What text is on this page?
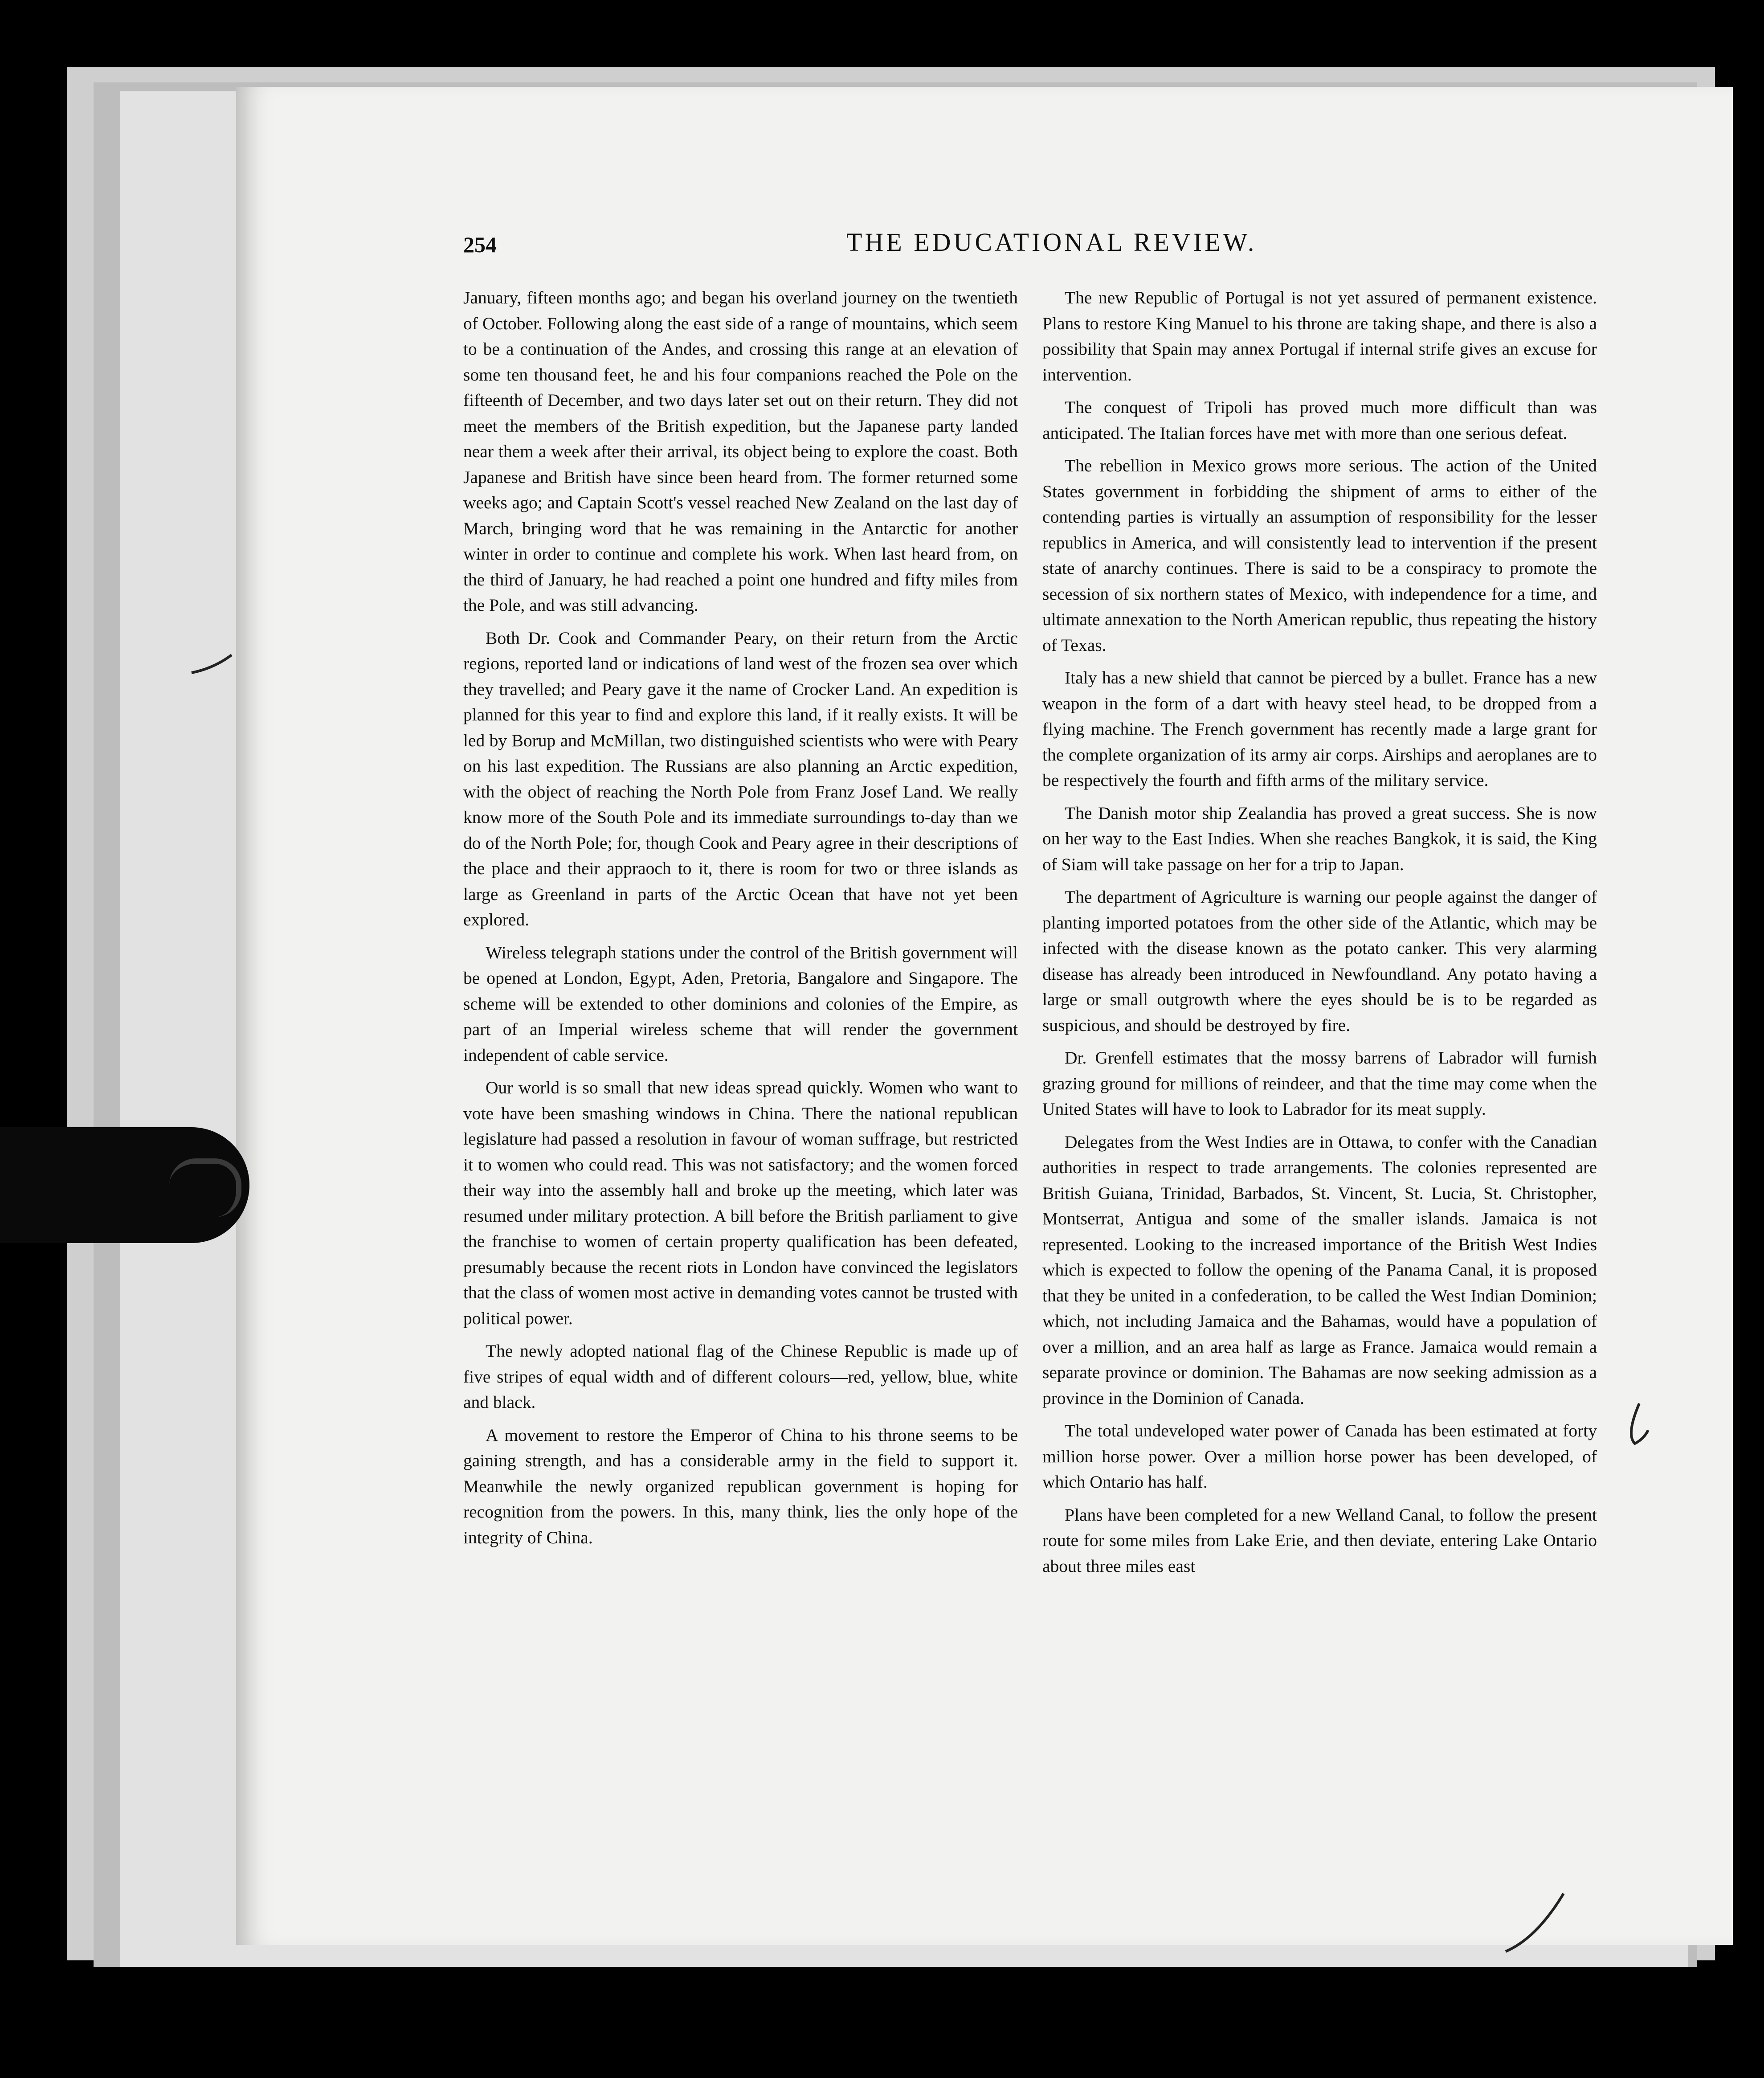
254	THE EDUCATIONAL REVIEW.

January, fifteen months ago; and began his overland journey on the twentieth of October. Following along the east side of a range of mountains, which seem to be a continuation of the Andes, and crossing this range at an elevation of some ten thousand feet, he and his four companions reached the Pole on the fifteenth of December, and two days later set out on their return. They did not meet the members of the British expedition, but the Japanese party landed near them a week after their arrival, its object being to explore the coast. Both Japanese and British have since been heard from. The former returned some weeks ago; and Captain Scott's vessel reached New Zealand on the last day of March, bringing word that he was remaining in the Antarctic for another winter in order to continue and complete his work. When last heard from, on the third of January, he had reached a point one hundred and fifty miles from the Pole, and was still advancing.

Both Dr. Cook and Commander Peary, on their return from the Arctic regions, reported land or indications of land west of the frozen sea over which they travelled; and Peary gave it the name of Crocker Land. An expedition is planned for this year to find and explore this land, if it really exists. It will be led by Borup and McMillan, two distinguished scientists who were with Peary on his last expedition. The Russians are also planning an Arctic expedition, with the object of reaching the North Pole from Franz Josef Land. We really know more of the South Pole and its immediate surroundings to-day than we do of the North Pole; for, though Cook and Peary agree in their descriptions of the place and their appraoch to it, there is room for two or three islands as large as Greenland in parts of the Arctic Ocean that have not yet been explored.

Wireless telegraph stations under the control of the British government will be opened at London, Egypt, Aden, Pretoria, Bangalore and Singapore. The scheme will be extended to other dominions and colonies of the Empire, as part of an Imperial wireless scheme that will render the government independent of cable service.

Our world is so small that new ideas spread quickly. Women who want to vote have been smashing windows in China. There the national republican legislature had passed a resolution in favour of woman suffrage, but restricted it to women who could read. This was not satisfactory; and the women forced their way into the assembly hall and broke up the meeting, which later was resumed under military protection. A bill before the British parliament to give the franchise to women of certain property qualification has been defeated, presumably because the recent riots in London have convinced the legislators that the class of women most active in demanding votes cannot be trusted with political power.

The newly adopted national flag of the Chinese Republic is made up of five stripes of equal width and of different colours—red, yellow, blue, white and black.

A movement to restore the Emperor of China to his throne seems to be gaining strength, and has a considerable army in the field to support it. Meanwhile the newly organized republican government is hoping for recognition from the powers. In this, many think, lies the only hope of the integrity of China.

The new Republic of Portugal is not yet assured of permanent existence. Plans to restore King Manuel to his throne are taking shape, and there is also a possibility that Spain may annex Portugal if internal strife gives an excuse for intervention.

The conquest of Tripoli has proved much more difficult than was anticipated. The Italian forces have met with more than one serious defeat.

The rebellion in Mexico grows more serious. The action of the United States government in forbidding the shipment of arms to either of the contending parties is virtually an assumption of responsibility for the lesser republics in America, and will consistently lead to intervention if the present state of anarchy continues. There is said to be a conspiracy to promote the secession of six northern states of Mexico, with independence for a time, and ultimate annexation to the North American republic, thus repeating the history of Texas.

Italy has a new shield that cannot be pierced by a bullet. France has a new weapon in the form of a dart with heavy steel head, to be dropped from a flying machine. The French government has recently made a large grant for the complete organization of its army air corps. Airships and aeroplanes are to be respectively the fourth and fifth arms of the military service.

The Danish motor ship Zealandia has proved a great success. She is now on her way to the East Indies. When she reaches Bangkok, it is said, the King of Siam will take passage on her for a trip to Japan.

The department of Agriculture is warning our people against the danger of planting imported potatoes from the other side of the Atlantic, which may be infected with the disease known as the potato canker. This very alarming disease has already been introduced in Newfoundland. Any potato having a large or small outgrowth where the eyes should be is to be regarded as suspicious, and should be destroyed by fire.

Dr. Grenfell estimates that the mossy barrens of Labrador will furnish grazing ground for millions of reindeer, and that the time may come when the United States will have to look to Labrador for its meat supply.

Delegates from the West Indies are in Ottawa, to confer with the Canadian authorities in respect to trade arrangements. The colonies represented are British Guiana, Trinidad, Barbados, St. Vincent, St. Lucia, St. Christopher, Montserrat, Antigua and some of the smaller islands. Jamaica is not represented. Looking to the increased importance of the British West Indies which is expected to follow the opening of the Panama Canal, it is proposed that they be united in a confederation, to be called the West Indian Dominion; which, not including Jamaica and the Bahamas, would have a population of over a million, and an area half as large as France. Jamaica would remain a separate province or dominion. The Bahamas are now seeking admission as a province in the Dominion of Canada.

The total undeveloped water power of Canada has been estimated at forty million horse power. Over a million horse power has been developed, of which Ontario has half.

Plans have been completed for a new Welland Canal, to follow the present route for some miles from Lake Erie, and then deviate, entering Lake Ontario about three miles east
